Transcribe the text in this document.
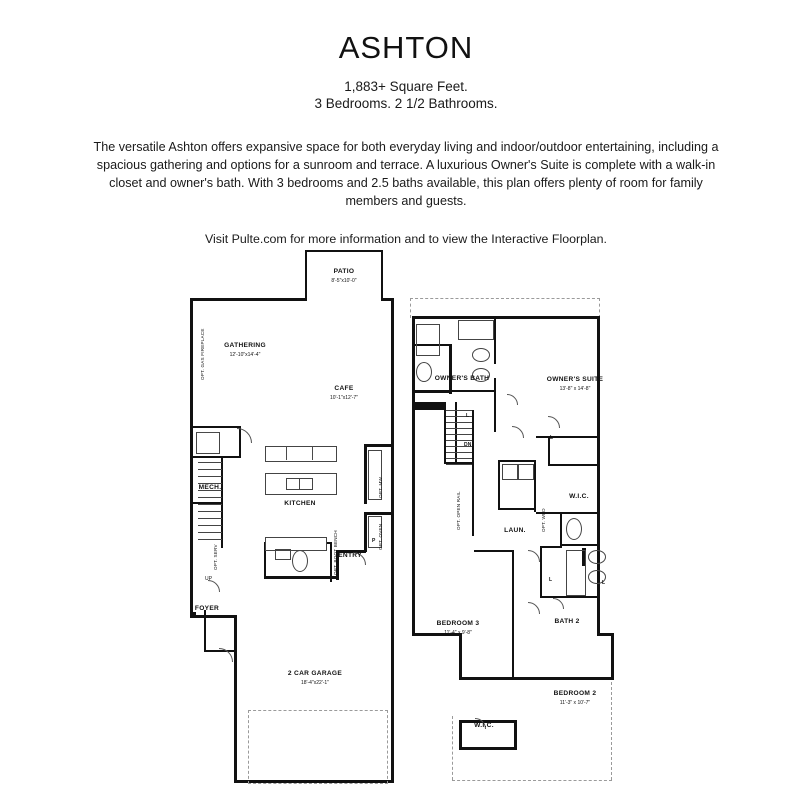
ASHTON

1,883+ Square Feet.

3 Bedrooms. 2 1/2 Bathrooms.

The versatile Ashton offers expansive space for both everyday living and indoor/outdoor entertaining, including a spacious gathering and options for a sunroom and terrace. A luxurious Owner's Suite is complete with a walk-in closet and owner's bath. With 3 bedrooms and 2.5 baths available, this plan offers plenty of room for family members and guests.
Visit Pulte.com for more information and to view the Interactive Floorplan.
GATHERING
12'-10"x14'-4"
PATIO
8'-5"x10'-0"
CAFE
10'-1"x12'-7"
KITCHEN
MECH.
FOYER
ENTRY
2 CAR GARAGE
18'-4"x22'-1"
OPT. GAS FIREPLACE
OPT. SERV	OPT. BOOT BENCH
OPT. MW
OPT. OVEN
P
UP
OWNER'S SUITE
13'-8" x 14'-8"
OWNER'S BATH
W.I.C.
LAUN.
BEDROOM 3
11'-4" x 9'-8"
BATH 2
BEDROOM 2
11'-3" x 10'-7"
W.I.C.
DN
L
L
L	L
OPT. OPEN RAIL	OPT. WBD
